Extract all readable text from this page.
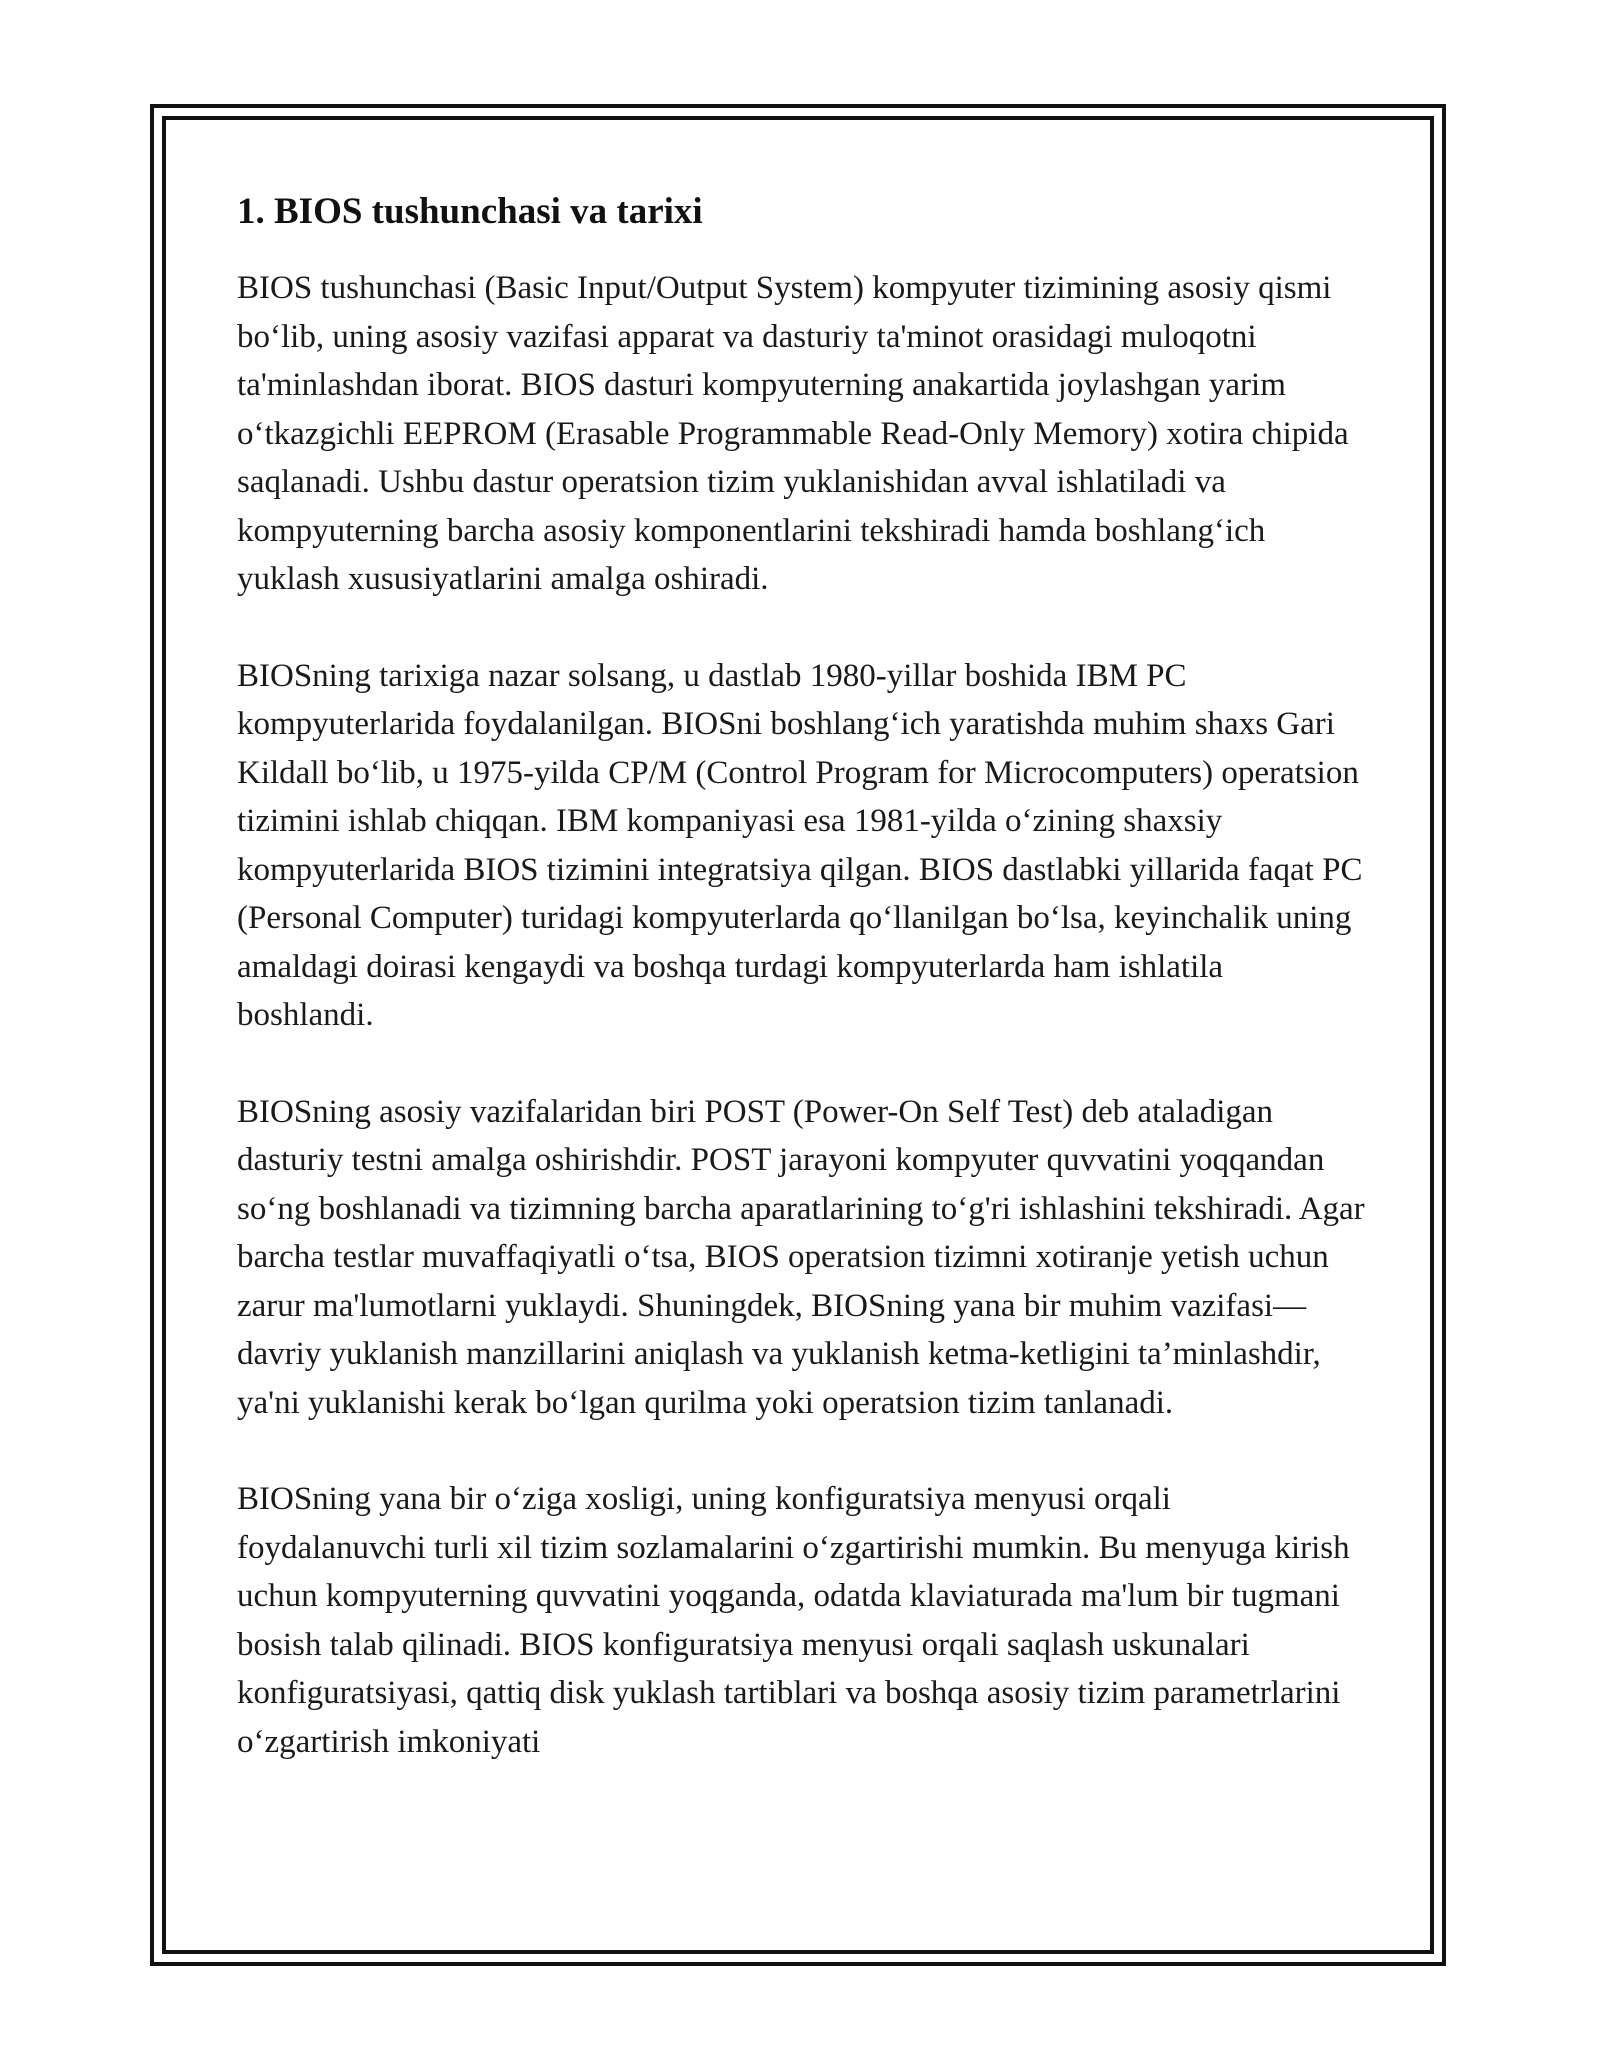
1. BIOS tushunchasi va tarixi

BIOS tushunchasi (Basic Input/Output System) kompyuter tizimining asosiy qismi bo‘lib, uning asosiy vazifasi apparat va dasturiy ta'minot orasidagi muloqotni ta'minlashdan iborat. BIOS dasturi kompyuterning anakartida joylashgan yarim o‘tkazgichli EEPROM (Erasable Programmable Read-Only Memory) xotira chipida saqlanadi. Ushbu dastur operatsion tizim yuklanishidan avval ishlatiladi va kompyuterning barcha asosiy komponentlarini tekshiradi hamda boshlang‘ich yuklash xususiyatlarini amalga oshiradi.

BIOSning tarixiga nazar solsang, u dastlab 1980-yillar boshida IBM PC kompyuterlarida foydalanilgan. BIOSni boshlang‘ich yaratishda muhim shaxs Gari Kildall bo‘lib, u 1975-yilda CP/M (Control Program for Microcomputers) operatsion tizimini ishlab chiqqan. IBM kompaniyasi esa 1981-yilda o‘zining shaxsiy kompyuterlarida BIOS tizimini integratsiya qilgan. BIOS dastlabki yillarida faqat PC (Personal Computer) turidagi kompyuterlarda qo‘llanilgan bo‘lsa, keyinchalik uning amaldagi doirasi kengaydi va boshqa turdagi kompyuterlarda ham ishlatila boshlandi.

BIOSning asosiy vazifalaridan biri POST (Power-On Self Test) deb ataladigan dasturiy testni amalga oshirishdir. POST jarayoni kompyuter quvvatini yoqqandan so‘ng boshlanadi va tizimning barcha aparatlarining to‘g'ri ishlashini tekshiradi. Agar barcha testlar muvaffaqiyatli o‘tsa, BIOS operatsion tizimni xotiranje yetish uchun zarur ma'lumotlarni yuklaydi. Shuningdek, BIOSning yana bir muhim vazifasi—davriy yuklanish manzillarini aniqlash va yuklanish ketma-ketligini ta’minlashdir, ya'ni yuklanishi kerak bo‘lgan qurilma yoki operatsion tizim tanlanadi.

BIOSning yana bir o‘ziga xosligi, uning konfiguratsiya menyusi orqali foydalanuvchi turli xil tizim sozlamalarini o‘zgartirishi mumkin. Bu menyuga kirish uchun kompyuterning quvvatini yoqganda, odatda klaviaturada ma'lum bir tugmani bosish talab qilinadi. BIOS konfiguratsiya menyusi orqali saqlash uskunalari konfiguratsiyasi, qattiq disk yuklash tartiblari va boshqa asosiy tizim parametrlarini o‘zgartirish imkoniyati
